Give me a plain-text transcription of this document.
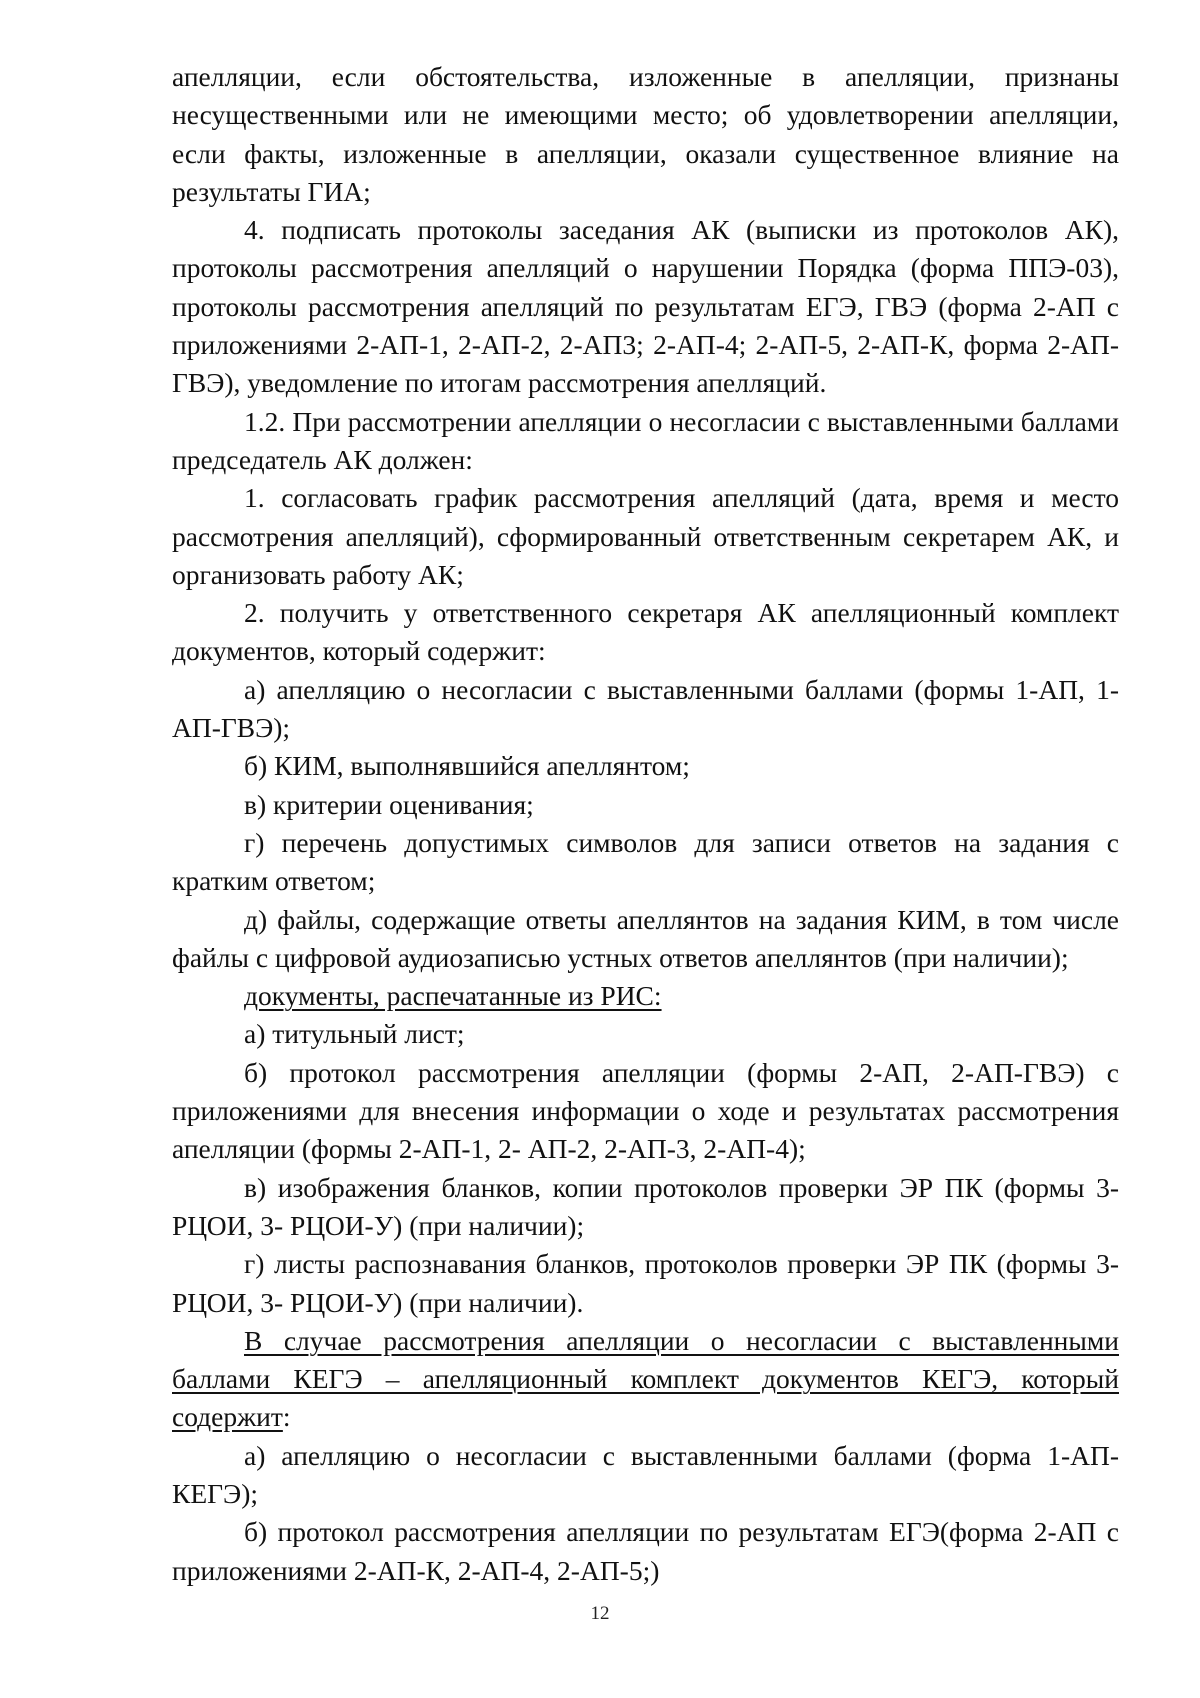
апелляции, если обстоятельства, изложенные в апелляции, признаны несущественными или не имеющими место; об удовлетворении апелляции, если факты, изложенные в апелляции, оказали существенное влияние на результаты ГИА;

4. подписать протоколы заседания АК (выписки из протоколов АК), протоколы рассмотрения апелляций о нарушении Порядка (форма ППЭ-03), протоколы рассмотрения апелляций по результатам ЕГЭ, ГВЭ (форма 2-АП с приложениями 2-АП-1, 2-АП-2, 2-АП3; 2-АП-4; 2-АП-5, 2-АП-К, форма 2-АП-ГВЭ), уведомление по итогам рассмотрения апелляций.

1.2. При рассмотрении апелляции о несогласии с выставленными баллами председатель АК должен:

1. согласовать график рассмотрения апелляций (дата, время и место рассмотрения апелляций), сформированный ответственным секретарем АК, и организовать работу АК;

2. получить у ответственного секретаря АК апелляционный комплект документов, который содержит:

а) апелляцию о несогласии с выставленными баллами (формы 1-АП, 1-АП-ГВЭ);

б) КИМ, выполнявшийся апеллянтом;

в) критерии оценивания;

г) перечень допустимых символов для записи ответов на задания с кратким ответом;

д) файлы, содержащие ответы апеллянтов на задания КИМ, в том числе файлы с цифровой аудиозаписью устных ответов апеллянтов (при наличии);

документы, распечатанные из РИС:

а) титульный лист;

б) протокол рассмотрения апелляции (формы 2-АП, 2-АП-ГВЭ) с приложениями для внесения информации о ходе и результатах рассмотрения апелляции (формы 2-АП-1, 2- АП-2, 2-АП-3, 2-АП-4);

в) изображения бланков, копии протоколов проверки ЭР ПК (формы 3-РЦОИ, 3- РЦОИ-У) (при наличии);

г) листы распознавания бланков, протоколов проверки ЭР ПК (формы 3-РЦОИ, 3- РЦОИ-У) (при наличии).

В случае рассмотрения апелляции о несогласии с выставленными баллами КЕГЭ – апелляционный комплект документов КЕГЭ, который содержит:

а) апелляцию о несогласии с выставленными баллами (форма 1-АП-КЕГЭ);

б) протокол рассмотрения апелляции по результатам ЕГЭ(форма 2-АП с приложениями 2-АП-К, 2-АП-4, 2-АП-5;)

12
